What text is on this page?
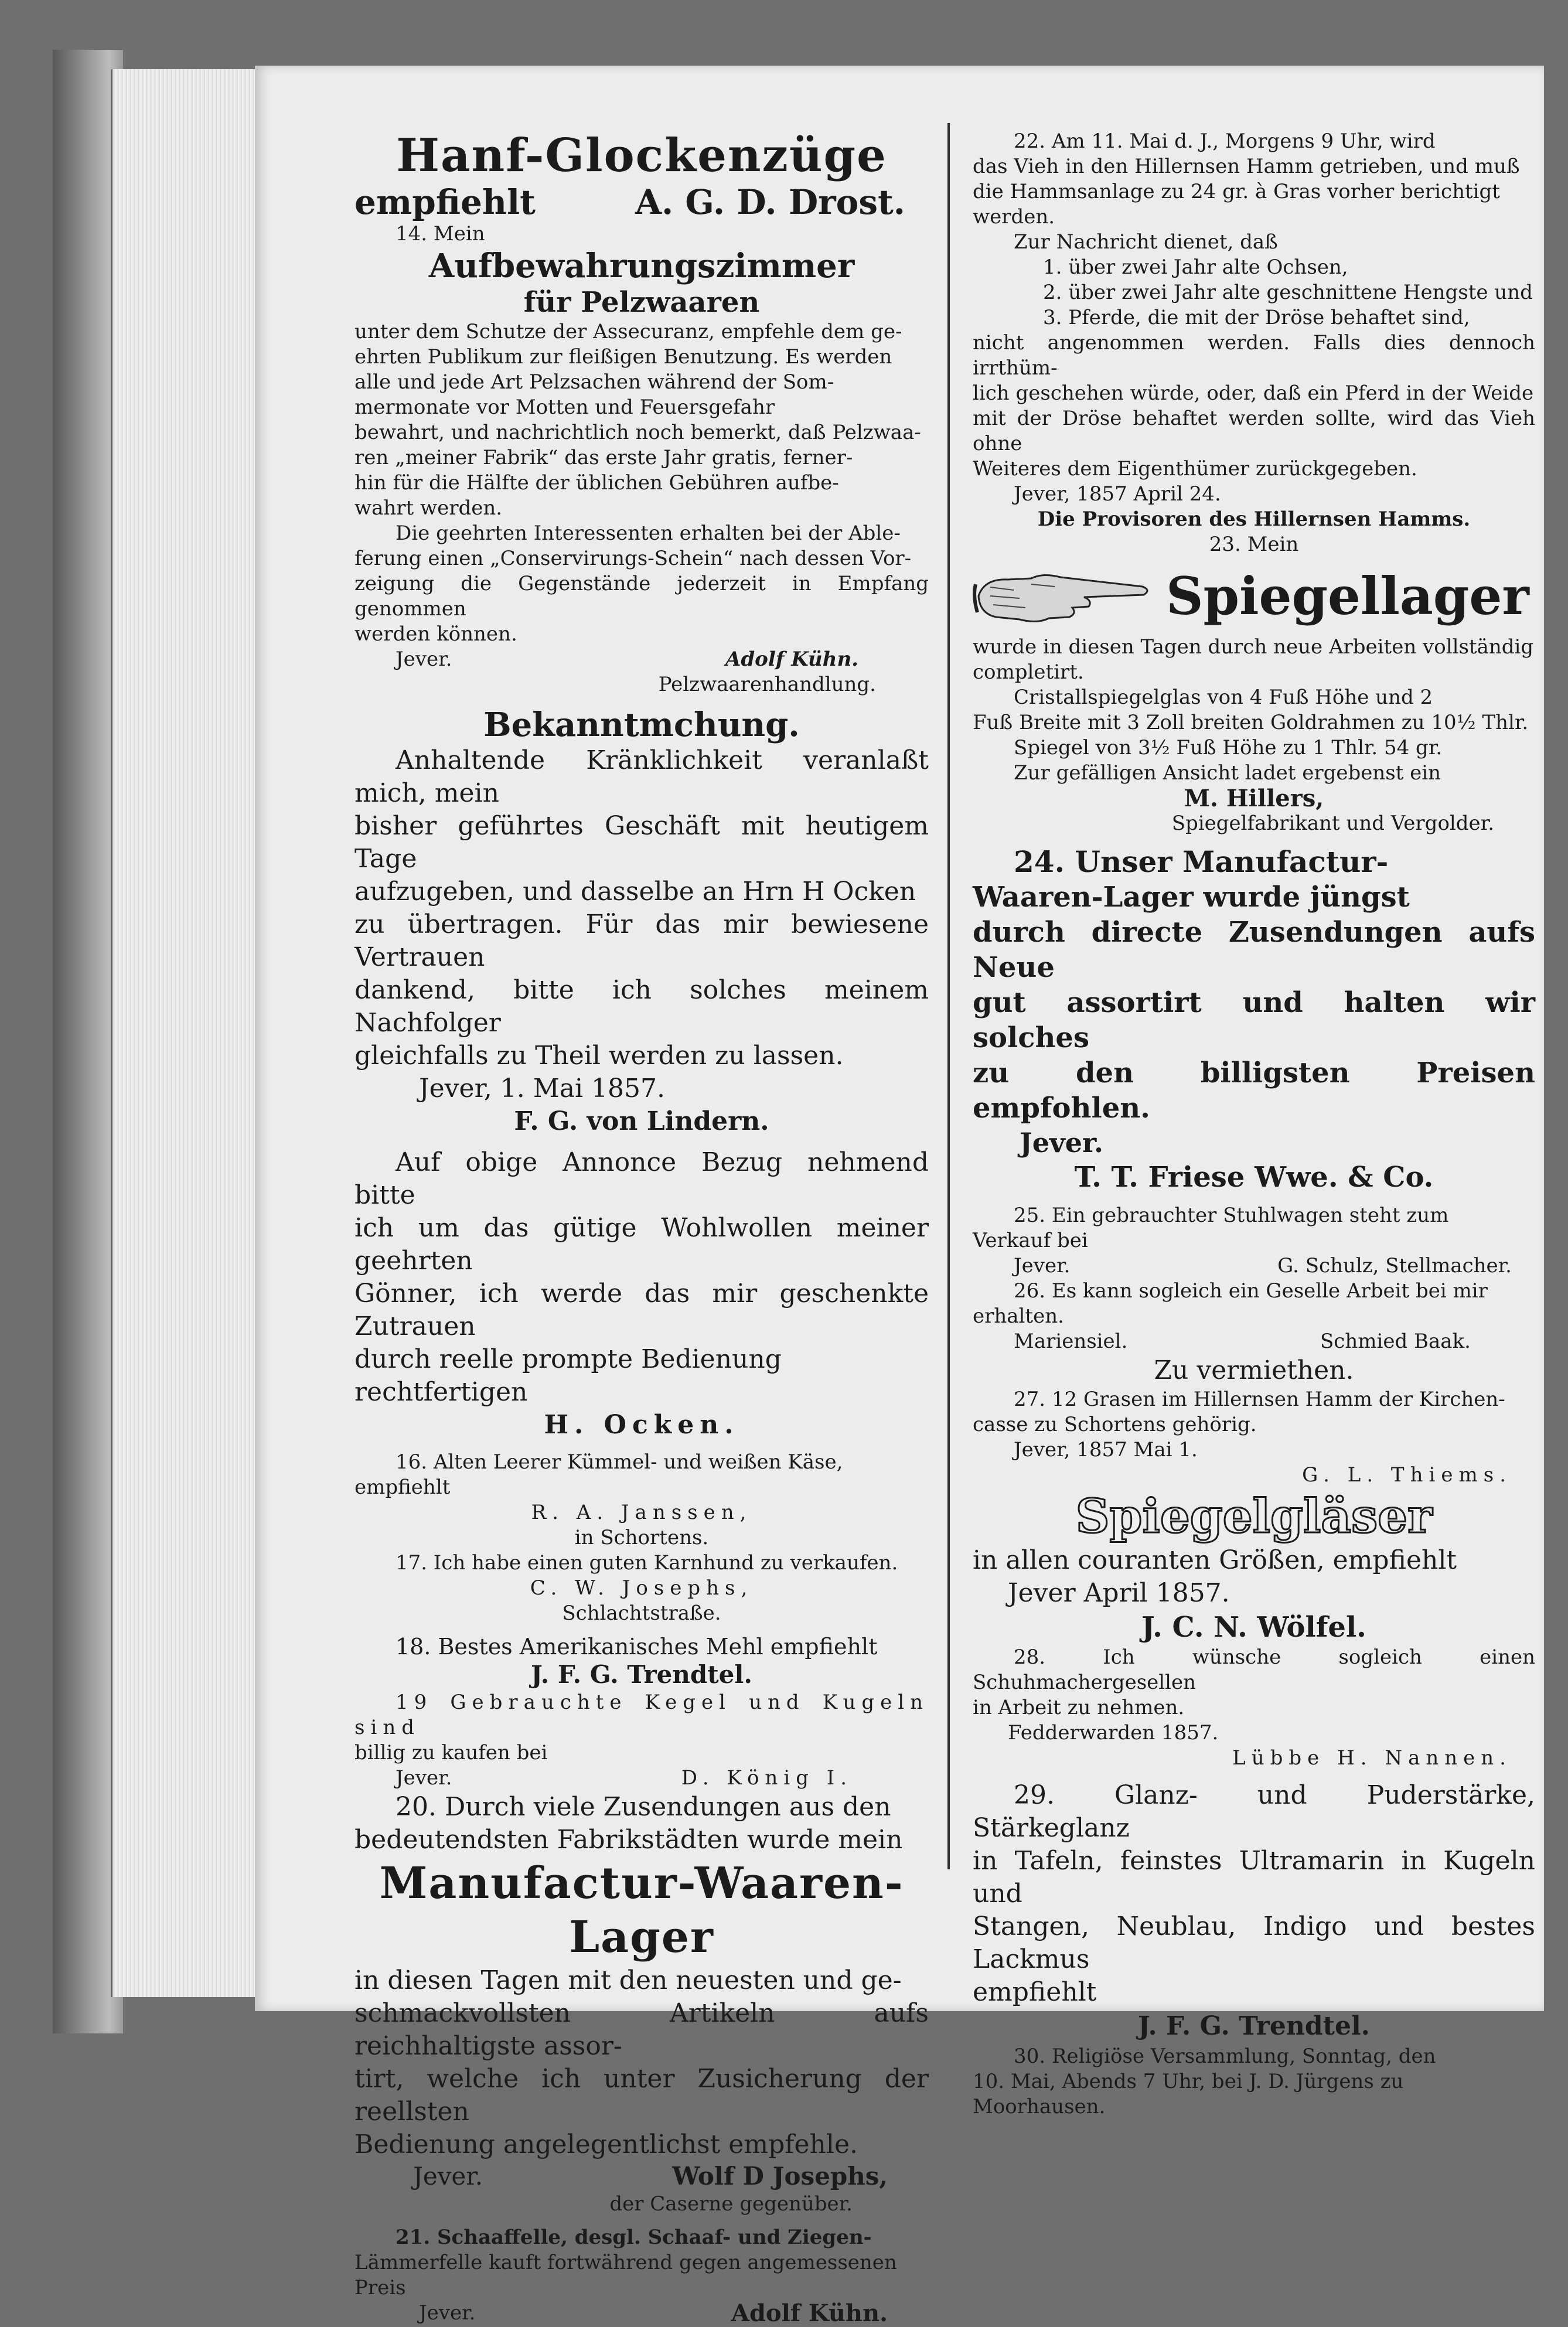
Hanf-Glockenzüge
empfiehlt	A. G. D. Drost.
14. Mein
Aufbewahrungszimmer
für Pelzwaaren
unter dem Schutze der Assecuranz, empfehle dem ge-
ehrten Publikum zur fleißigen Benutzung. Es werden
alle und jede Art Pelzsachen während der Som-
mermonate vor Motten und Feuersgefahr
bewahrt, und nachrichtlich noch bemerkt, daß Pelzwaa-
ren „meiner Fabrik“ das erste Jahr gratis, ferner-
hin für die Hälfte der üblichen Gebühren aufbe-
wahrt werden.
Die geehrten Interessenten erhalten bei der Able-
ferung einen „Conservirungs-Schein“ nach dessen Vor-
zeigung die Gegenstände jederzeit in Empfang genommen
werden können.
Jever.	Adolf Kühn.
Pelzwaarenhandlung.
Bekanntmchung.
Anhaltende Kränklichkeit veranlaßt mich, mein
bisher geführtes Geschäft mit heutigem Tage
aufzugeben, und dasselbe an Hrn H Ocken
zu übertragen. Für das mir bewiesene Vertrauen
dankend, bitte ich solches meinem Nachfolger
gleichfalls zu Theil werden zu lassen.
Jever, 1. Mai 1857.
F. G. von Lindern.
Auf obige Annonce Bezug nehmend bitte
ich um das gütige Wohlwollen meiner geehrten
Gönner, ich werde das mir geschenkte Zutrauen
durch reelle prompte Bedienung rechtfertigen
H. Ocken.
16. Alten Leerer Kümmel- und weißen Käse, empfiehlt
R. A. Janssen,
in Schortens.
17. Ich habe einen guten Karnhund zu verkaufen.
C. W. Josephs,
Schlachtstraße.
18. Bestes Amerikanisches Mehl empfiehlt
J. F. G. Trendtel.
19 Gebrauchte Kegel und Kugeln sind
billig zu kaufen bei
Jever.	D. König I.
20. Durch viele Zusendungen aus den
bedeutendsten Fabrikstädten wurde mein
Manufactur-Waaren-
Lager
in diesen Tagen mit den neuesten und ge-
schmackvollsten Artikeln aufs reichhaltigste assor-
tirt, welche ich unter Zusicherung der reellsten
Bedienung angelegentlichst empfehle.
Jever.	Wolf D Josephs,
der Caserne gegenüber.
21. Schaaffelle, desgl. Schaaf- und Ziegen-
Lämmerfelle kauft fortwährend gegen angemessenen
Preis
Jever.	Adolf Kühn.
22. Am 11. Mai d. J., Morgens 9 Uhr, wird
das Vieh in den Hillernsen Hamm getrieben, und muß
die Hammsanlage zu 24 gr. à Gras vorher berichtigt
werden.
Zur Nachricht dienet, daß
1. über zwei Jahr alte Ochsen,
2. über zwei Jahr alte geschnittene Hengste und
3. Pferde, die mit der Dröse behaftet sind,
nicht angenommen werden. Falls dies dennoch irrthüm-
lich geschehen würde, oder, daß ein Pferd in der Weide
mit der Dröse behaftet werden sollte, wird das Vieh ohne
Weiteres dem Eigenthümer zurückgegeben.
Jever, 1857 April 24.
Die Provisoren des Hillernsen Hamms.
23. Mein
Spiegellager
wurde in diesen Tagen durch neue Arbeiten vollständig
completirt.
Cristallspiegelglas von 4 Fuß Höhe und 2
Fuß Breite mit 3 Zoll breiten Goldrahmen zu 10½ Thlr.
Spiegel von 3½ Fuß Höhe zu 1 Thlr. 54 gr.
Zur gefälligen Ansicht ladet ergebenst ein
M. Hillers,
Spiegelfabrikant und Vergolder.
24. Unser Manufactur-
Waaren-Lager wurde jüngst
durch directe Zusendungen aufs Neue
gut assortirt und halten wir solches
zu den billigsten Preisen empfohlen.
Jever.
T. T. Friese Wwe. & Co.
25. Ein gebrauchter Stuhlwagen steht zum
Verkauf bei
Jever.	G. Schulz, Stellmacher.
26. Es kann sogleich ein Geselle Arbeit bei mir
erhalten.
Mariensiel.	Schmied Baak.
Zu vermiethen.
27. 12 Grasen im Hillernsen Hamm der Kirchen-
casse zu Schortens gehörig.
Jever, 1857 Mai 1.
G. L. Thiems.
Spiegelgläser
in allen couranten Größen, empfiehlt
Jever April 1857.
J. C. N. Wölfel.
28. Ich wünsche sogleich einen Schuhmachergesellen
in Arbeit zu nehmen.
Fedderwarden 1857.
Lübbe H. Nannen.
29. Glanz- und Puderstärke, Stärkeglanz
in Tafeln, feinstes Ultramarin in Kugeln und
Stangen, Neublau, Indigo und bestes Lackmus
empfiehlt
J. F. G. Trendtel.
30. Religiöse Versammlung, Sonntag, den
10. Mai, Abends 7 Uhr, bei J. D. Jürgens zu
Moorhausen.
